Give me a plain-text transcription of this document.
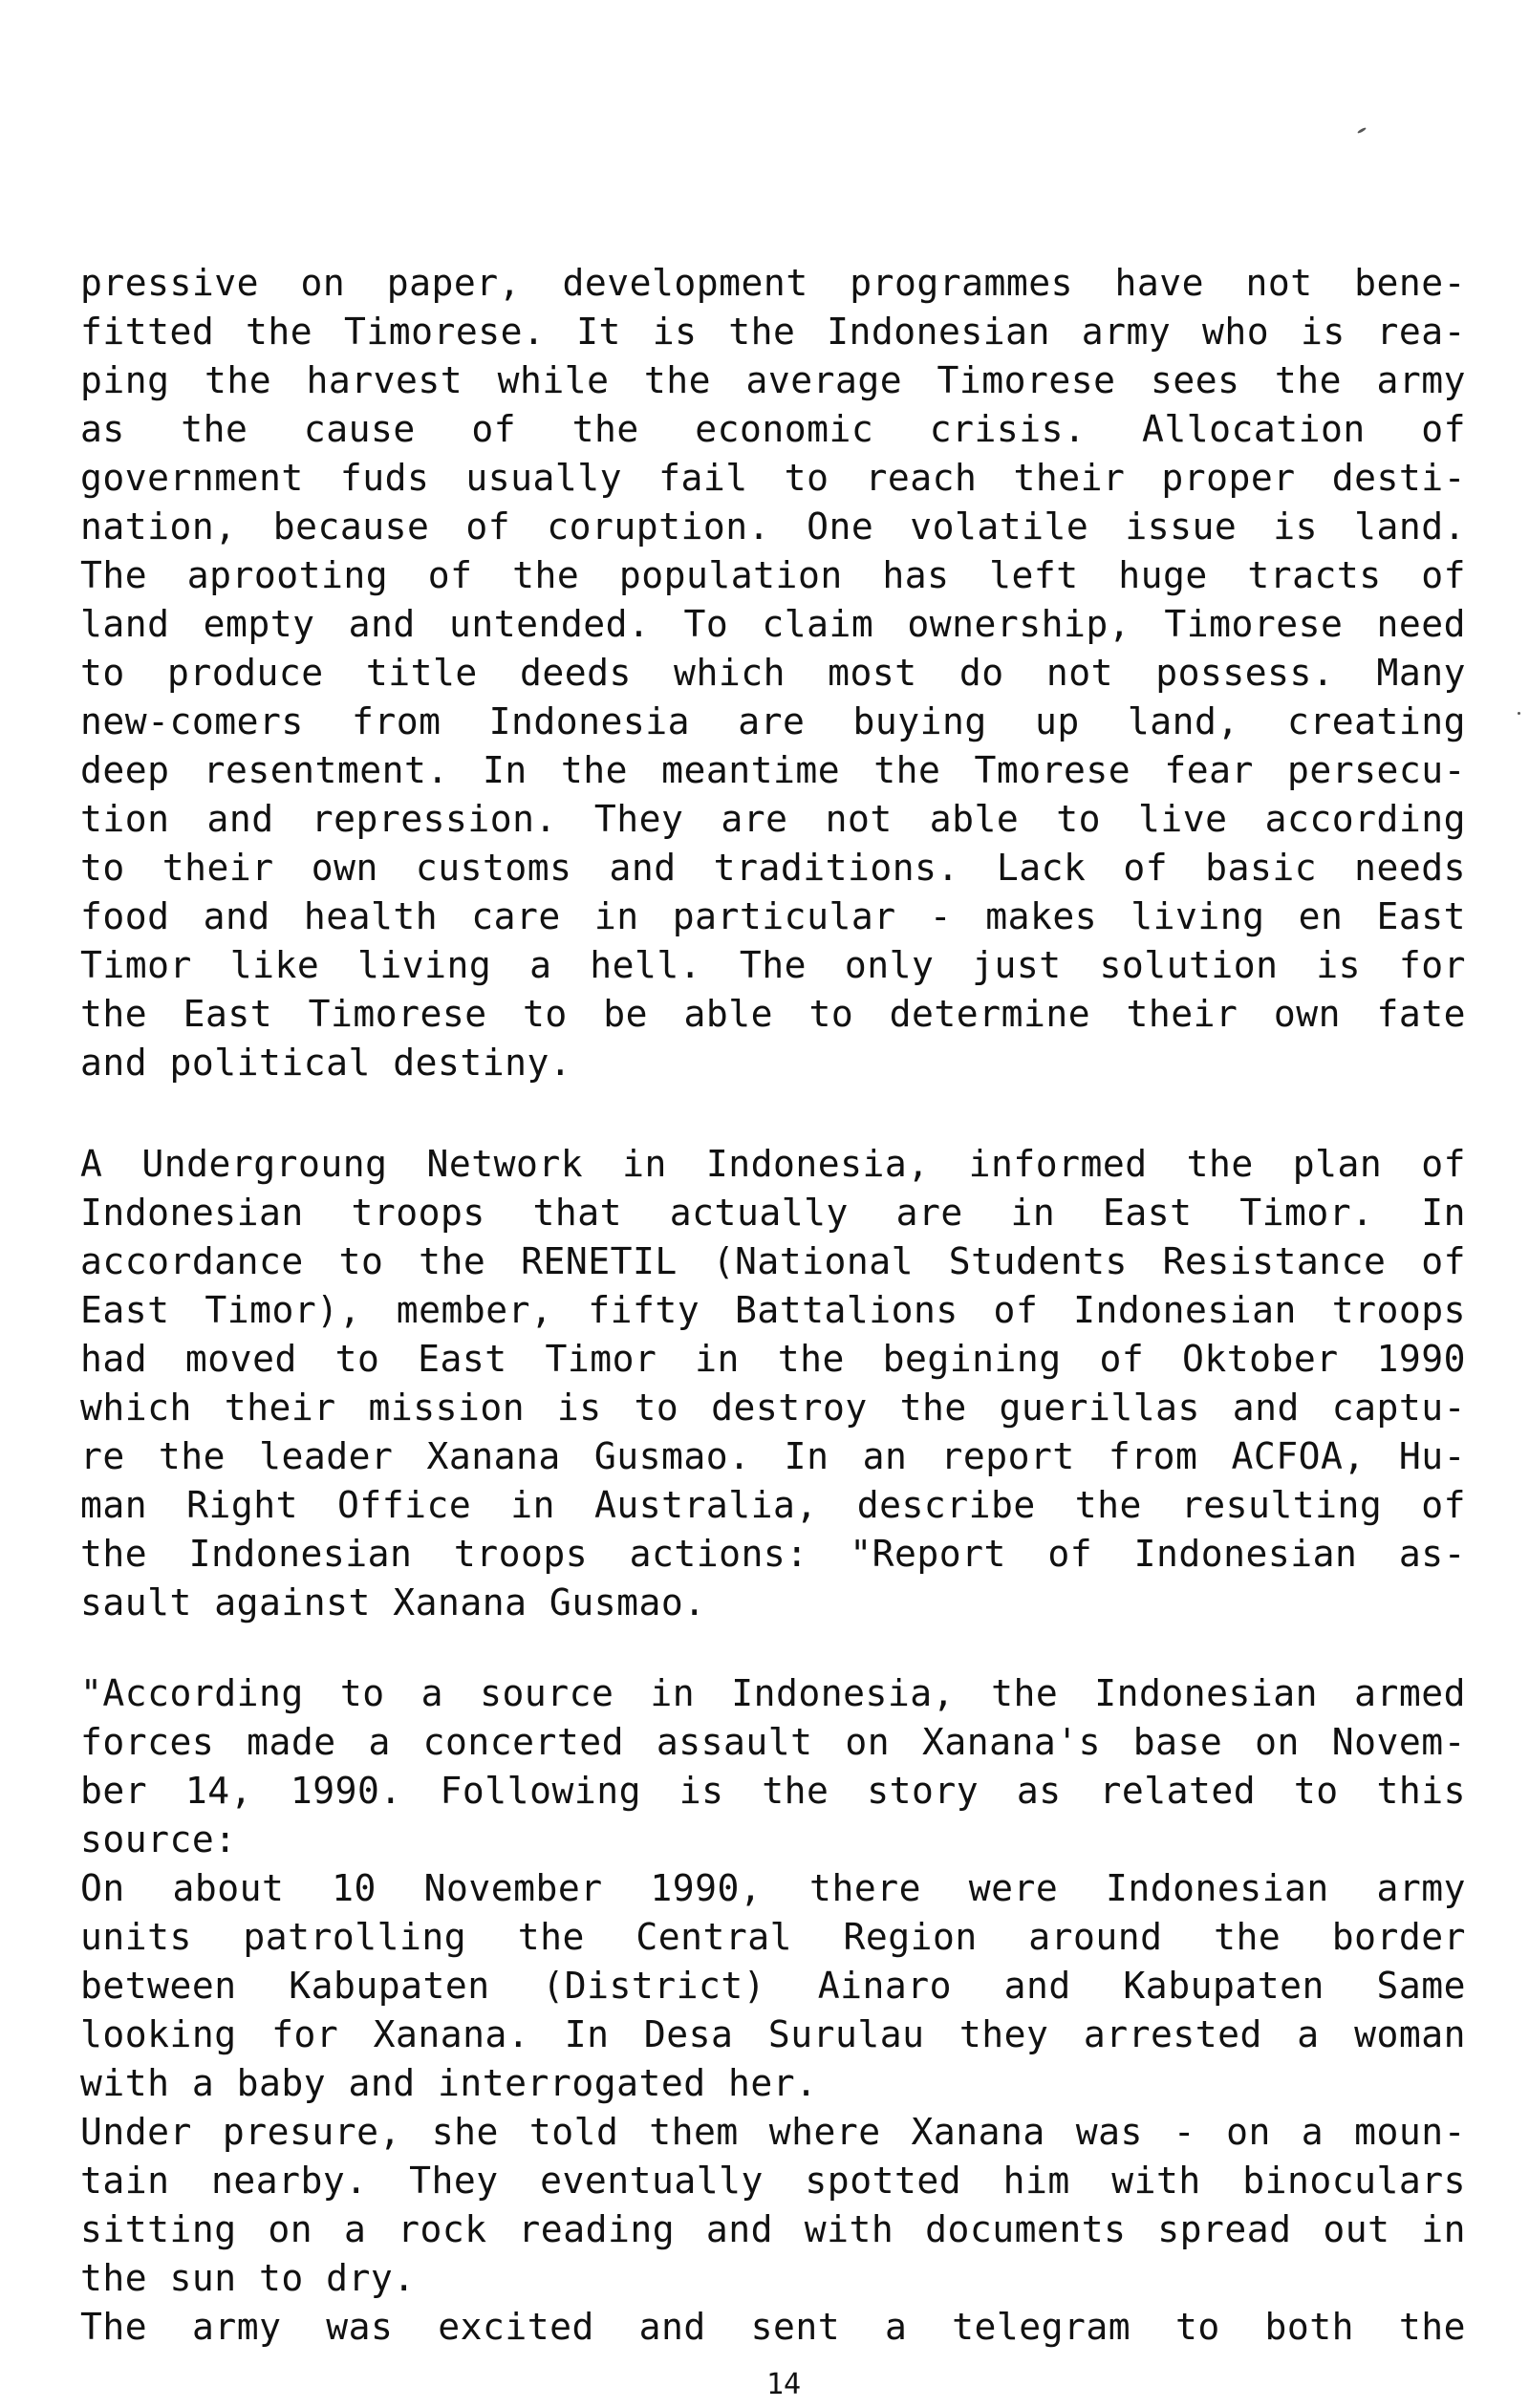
pressive on paper, development programmes have not bene-
fitted the Timorese. It is the Indonesian army who is rea-
ping the harvest while the average Timorese sees the army
as the cause of the economic crisis. Allocation of
government fuds usually fail to reach their proper desti-
nation, because of coruption. One volatile issue is land.
The aprooting of the population has left huge tracts of
land empty and untended. To claim ownership, Timorese need
to produce title deeds which most do not possess. Many
new-comers from Indonesia are buying up land, creating
deep resentment. In the meantime the Tmorese fear persecu-
tion and repression. They are not able to live according
to their own customs and traditions. Lack of basic needs
food and health care in particular - makes living en East
Timor like living a hell. The only just solution is for
the East Timorese to be able to determine their own fate
and political destiny.
A Undergroung Network in Indonesia, informed the plan of
Indonesian troops that actually are in East Timor. In
accordance to the RENETIL (National Students Resistance of
East Timor), member, fifty Battalions of Indonesian troops
had moved to East Timor in the begining of Oktober 1990
which their mission is to destroy the guerillas and captu-
re the leader Xanana Gusmao. In an report from ACFOA, Hu-
man Right Office in Australia, describe the resulting of
the Indonesian troops actions: "Report of Indonesian as-
sault against Xanana Gusmao.
"According to a source in Indonesia, the Indonesian armed
forces made a concerted assault on Xanana's base on Novem-
ber 14, 1990. Following is the story as related to this
source:
On about 10 November 1990, there were Indonesian army
units patrolling the Central Region around the border
between Kabupaten (District) Ainaro and Kabupaten Same
looking for Xanana. In Desa Surulau they arrested a woman
with a baby and interrogated her.
Under presure, she told them where Xanana was - on a moun-
tain nearby. They eventually spotted him with binoculars
sitting on a rock reading and with documents spread out in
the sun to dry.
The army was excited and sent a telegram to both the
14
